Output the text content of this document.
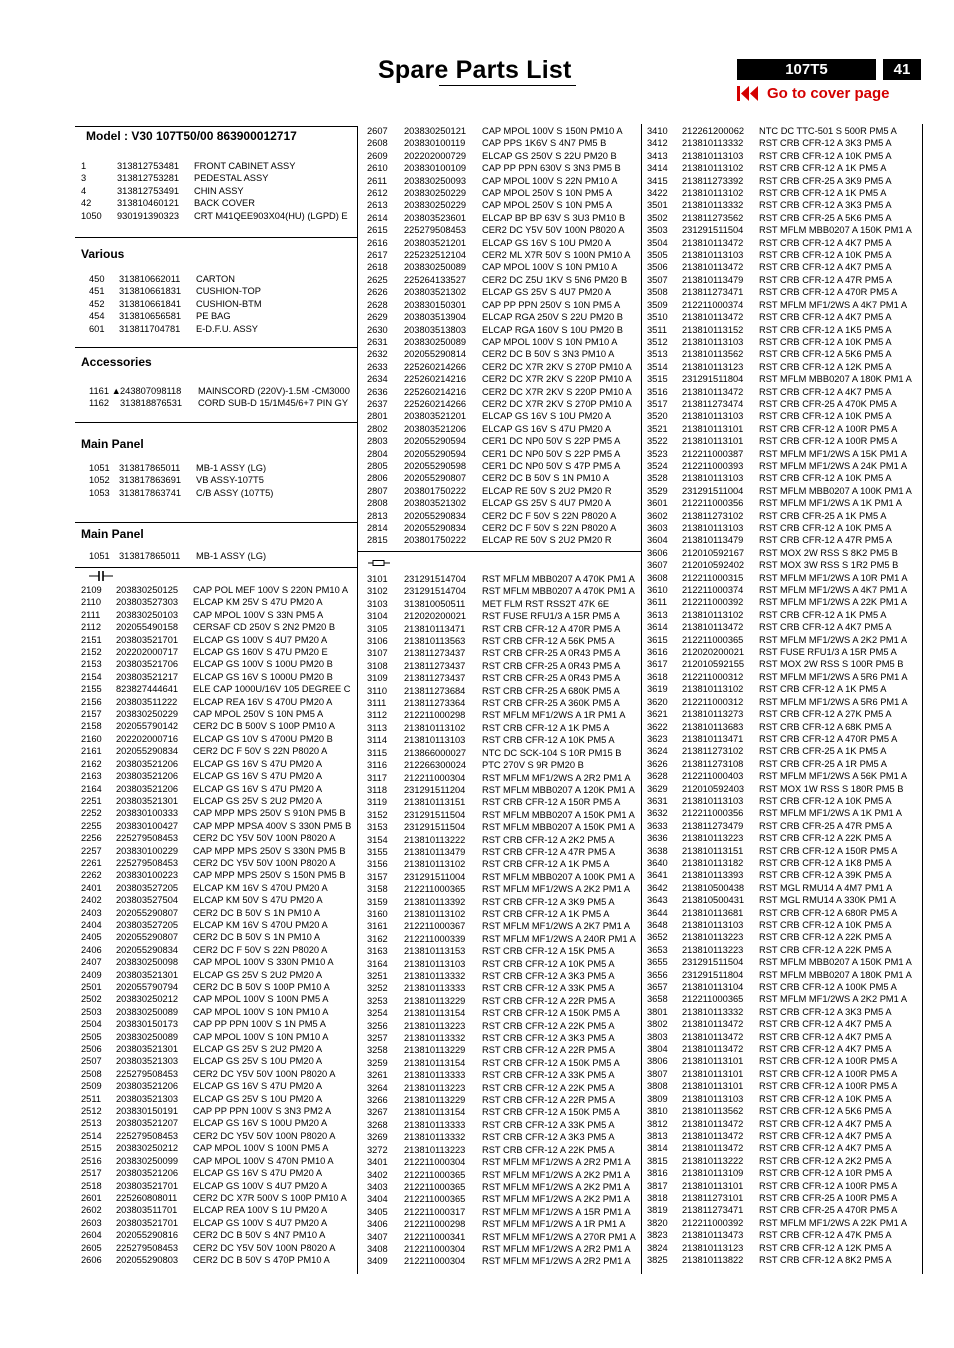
Spare Parts List	107T5	41
Go to cover page
Model : V30 107T50/00 863900012717
1	313812753481 FRONT CABINET ASSY
3	313812753281 PEDESTAL ASSY
4	313812753491 CHIN ASSY
42	313810460121 BACK COVER
1050 930191390323 CRT M41QEE903X04(HU) (LGPD) E
Various
450 313810662011 CARTON
451 313810661831 CUSHION-TOP
452 313810661841 CUSHION-BTM
454 313810656581 PE BAG
601 313811704781 E-D.F.U. ASSY
Accessories
1161 ▲ 243807098118 MAINSCORD (220V)-1.5M -CM3000
1162 313818876531 CORD SUB-D 15/1M45/6+7 PIN GY
Main Panel
1051 313817865011 MB-1 ASSY (LG)
1052 313817863691 VB ASSY-107T5
1053 313817863741 C/B ASSY (107T5)
Main Panel
1051 313817865011 MB-1 ASSY (LG)
2109 203830250125 CAP POL MEF 100V S 220N PM10 A
2110 203803527303 ELCAP KM 25V S 47U PM20 A
2111 203830250103 CAP MPOL 100V S 33N PM5 A
2112 202055490158 CERSAF CD 250V S 2N2 PM20 B
2151 203803521701 ELCAP GS 100V S 4U7 PM20 A
2152 202202000717 ELCAP GS 160V S 47U PM20 E
2153 203803521706 ELCAP GS 100V S 100U PM20 B
2154 203803521217 ELCAP GS 16V S 1000U PM20 B
2155 823827444641 ELE CAP 1000U/16V 105 DEGREE C
2156 203803511222 ELCAP REA 16V S 470U PM20 A
2157 203830250229 CAP MPOL 250V S 10N PM5 A
2158 202055790142 CER2 DC B 500V S 100P PM10 A
2160 202202000716 ELCAP GS 10V S 4700U PM20 B
2161 202055290834 CER2 DC F 50V S 22N P8020 A
2162 203803521206 ELCAP GS 16V S 47U PM20 A
2163 203803521206 ELCAP GS 16V S 47U PM20 A
2164 203803521206 ELCAP GS 16V S 47U PM20 A
2251 203803521301 ELCAP GS 25V S 2U2 PM20 A
2252 203830100333 CAP MPP MPS 250V S 910N PM5 B
2255 203830100427 CAP MPP MPSA 400V S 330N PM5 B
2256 225279508453 CER2 DC Y5V 50V 100N P8020 A
2257 203830100229 CAP MPP MPS 250V S 330N PM5 B
2261 225279508453 CER2 DC Y5V 50V 100N P8020 A
2262 203830100223 CAP MPP MPS 250V S 150N PM5 B
2401 203803527205 ELCAP KM 16V S 470U PM20 A
2402 203803527504 ELCAP KM 50V S 47U PM20 A
2403 202055290807 CER2 DC B 50V S 1N PM10 A
2404 203803527205 ELCAP KM 16V S 470U PM20 A
2405 202055290807 CER2 DC B 50V S 1N PM10 A
2406 202055290834 CER2 DC F 50V S 22N P8020 A
2407 203830250098 CAP MPOL 100V S 330N PM10 A
2409 203803521301 ELCAP GS 25V S 2U2 PM20 A
2501 202055790794 CER2 DC B 50V S 100P PM10 A
2502 203830250212 CAP MPOL 100V S 100N PM5 A
2503 203830250089 CAP MPOL 100V S 10N PM10 A
2504 203830150173 CAP PP PPN 100V S 1N PM5 A
2505 203830250089 CAP MPOL 100V S 10N PM10 A
2506 203803521301 ELCAP GS 25V S 2U2 PM20 A
2507 203803521303 ELCAP GS 25V S 10U PM20 A
2508 225279508453 CER2 DC Y5V 50V 100N P8020 A
2509 203803521206 ELCAP GS 16V S 47U PM20 A
2511 203803521303 ELCAP GS 25V S 10U PM20 A
2512 203830150191 CAP PP PPN 100V S 3N3 PM2 A
2513 203803521207 ELCAP GS 16V S 100U PM20 A
2514 225279508453 CER2 DC Y5V 50V 100N P8020 A
2515 203830250212 CAP MPOL 100V S 100N PM5 A
2516 203830250099 CAP MPOL 100V S 470N PM10 A
2517 203803521206 ELCAP GS 16V S 47U PM20 A
2518 203803521701 ELCAP GS 100V S 4U7 PM20 A
2601 225260808011 CER2 DC X7R 500V S 100P PM10 A
2602 203803511701 ELCAP REA 100V S 1U PM20 A
2603 203803521701 ELCAP GS 100V S 4U7 PM20 A
2604 202055290816 CER2 DC B 50V S 4N7 PM10 A
2605 225279508453 CER2 DC Y5V 50V 100N P8020 A
2606 202055290803 CER2 DC B 50V S 470P PM10 A
2607 203830250121 CAP MPOL 100V S 150N PM10 A
2608 203830100119 CAP PPS 1K6V S 4N7 PM5 B
2609 202202000729 ELCAP GS 250V S 22U PM20 B
2610 203830100109 CAP PP PPN 630V S 3N3 PM5 B
2611 203830250093 CAP MPOL 100V S 22N PM10 A
2612 203830250229 CAP MPOL 250V S 10N PM5 A
2613 203830250229 CAP MPOL 250V S 10N PM5 A
2614 203803523601 ELCAP BP BP 63V S 3U3 PM10 B
2615 225279508453 CER2 DC Y5V 50V 100N P8020 A
2616 203803521201 ELCAP GS 16V S 10U PM20 A
2617 225232512104 CER2 ML X7R 50V S 100N PM10 A
2618 203830250089 CAP MPOL 100V S 10N PM10 A
2625 225264133527 CER2 DC Z5U 1KV S 5N6 PM20 B
2626 203803521302 ELCAP GS 25V S 4U7 PM20 A
2628 203830150301 CAP PP PPN 250V S 10N PM5 A
2629 203803513904 ELCAP RGA 250V S 22U PM20 B
2630 203803513803 ELCAP RGA 160V S 10U PM20 B
2631 203830250089 CAP MPOL 100V S 10N PM10 A
2632 202055290814 CER2 DC B 50V S 3N3 PM10 A
2633 225260214266 CER2 DC X7R 2KV S 270P PM10 A
2634 225260214216 CER2 DC X7R 2KV S 220P PM10 A
2636 225260214216 CER2 DC X7R 2KV S 220P PM10 A
2637 225260214266 CER2 DC X7R 2KV S 270P PM10 A
2801 203803521201 ELCAP GS 16V S 10U PM20 A
2802 203803521206 ELCAP GS 16V S 47U PM20 A
2803 202055290594 CER1 DC NP0 50V S 22P PM5 A
2804 202055290594 CER1 DC NP0 50V S 22P PM5 A
2805 202055290598 CER1 DC NP0 50V S 47P PM5 A
2806 202055290807 CER2 DC B 50V S 1N PM10 A
2807 203801750222 ELCAP RE 50V S 2U2 PM20 R
2808 203803521302 ELCAP GS 25V S 4U7 PM20 A
2813 202055290834 CER2 DC F 50V S 22N P8020 A
2814 202055290834 CER2 DC F 50V S 22N P8020 A
2815 203801750222 ELCAP RE 50V S 2U2 PM20 R
3101 231291514704 RST MFLM MBB0207 A 470K PM1 A
3102 231291514704 RST MFLM MBB0207 A 470K PM1 A
3103 313810050511 MET FLM RST RSS2T 47K 6E
3104 212020200021 RST FUSE RFU1/3 A 15R PM5 A
3105 213810113471 RST CRB CFR-12 A 470R PM5 A
3106 213810113563 RST CRB CFR-12 A 56K PM5 A
3107 213811273437 RST CRB CFR-25 A 0R43 PM5 A
3108 213811273437 RST CRB CFR-25 A 0R43 PM5 A
3109 213811273437 RST CRB CFR-25 A 0R43 PM5 A
3110 213811273684 RST CRB CFR-25 A 680K PM5 A
3111 213811273364 RST CRB CFR-25 A 360K PM5 A
3112 212211000298 RST MFLM MF1/2WS A 1R PM1 A
3113 213810113102 RST CRB CFR-12 A 1K PM5 A
3114 213810113103 RST CRB CFR-12 A 10K PM5 A
3115 213866000027 NTC DC SCK-104 S 10R PM15 B
3116 212266300024 PTC 270V S 9R PM20 B
3117 212211000304 RST MFLM MF1/2WS A 2R2 PM1 A
3118 231291511204 RST MFLM MBB0207 A 120K PM1 A
3119 213810113151 RST CRB CFR-12 A 150R PM5 A
3152 231291511504 RST MFLM MBB0207 A 150K PM1 A
3153 231291511504 RST MFLM MBB0207 A 150K PM1 A
3154 213810113222 RST CRB CFR-12 A 2K2 PM5 A
3155 213810113479 RST CRB CFR-12 A 47R PM5 A
3156 213810113102 RST CRB CFR-12 A 1K PM5 A
3157 231291511004 RST MFLM MBB0207 A 100K PM1 A
3158 212211000365 RST MFLM MF1/2WS A 2K2 PM1 A
3159 213810113392 RST CRB CFR-12 A 3K9 PM5 A
3160 213810113102 RST CRB CFR-12 A 1K PM5 A
3161 212211000367 RST MFLM MF1/2WS A 2K7 PM1 A
3162 212211000339 RST MFLM MF1/2WS A 240R PM1 A
3163 213810113153 RST CRB CFR-12 A 15K PM5 A
3164 213810113103 RST CRB CFR-12 A 10K PM5 A
3251 213810113332 RST CRB CFR-12 A 3K3 PM5 A
3252 213810113333 RST CRB CFR-12 A 33K PM5 A
3253 213810113229 RST CRB CFR-12 A 22R PM5 A
3254 213810113154 RST CRB CFR-12 A 150K PM5 A
3256 213810113223 RST CRB CFR-12 A 22K PM5 A
3257 213810113332 RST CRB CFR-12 A 3K3 PM5 A
3258 213810113229 RST CRB CFR-12 A 22R PM5 A
3259 213810113154 RST CRB CFR-12 A 150K PM5 A
3261 213810113333 RST CRB CFR-12 A 33K PM5 A
3264 213810113223 RST CRB CFR-12 A 22K PM5 A
3266 213810113229 RST CRB CFR-12 A 22R PM5 A
3267 213810113154 RST CRB CFR-12 A 150K PM5 A
3268 213810113333 RST CRB CFR-12 A 33K PM5 A
3269 213810113332 RST CRB CFR-12 A 3K3 PM5 A
3272 213810113223 RST CRB CFR-12 A 22K PM5 A
3401 212211000304 RST MFLM MF1/2WS A 2R2 PM1 A
3402 212211000365 RST MFLM MF1/2WS A 2K2 PM1 A
3403 212211000365 RST MFLM MF1/2WS A 2K2 PM1 A
3404 212211000365 RST MFLM MF1/2WS A 2K2 PM1 A
3405 212211000317 RST MFLM MF1/2WS A 15R PM1 A
3406 212211000298 RST MFLM MF1/2WS A 1R PM1 A
3407 212211000341 RST MFLM MF1/2WS A 270R PM1 A
3408 212211000304 RST MFLM MF1/2WS A 2R2 PM1 A
3409 212211000304 RST MFLM MF1/2WS A 2R2 PM1 A
3410 212261200062 NTC DC TTC-501 S 500R PM5 A
3412 213810113332 RST CRB CFR-12 A 3K3 PM5 A
3413 213810113103 RST CRB CFR-12 A 10K PM5 A
3414 213810113102 RST CRB CFR-12 A 1K PM5 A
3415 213811273392 RST CRB CFR-25 A 3K9 PM5 A
3422 213810113102 RST CRB CFR-12 A 1K PM5 A
3501 213810113332 RST CRB CFR-12 A 3K3 PM5 A
3502 213811273562 RST CRB CFR-25 A 5K6 PM5 A
3503 231291511504 RST MFLM MBB0207 A 150K PM1 A
3504 213810113472 RST CRB CFR-12 A 4K7 PM5 A
3505 213810113103 RST CRB CFR-12 A 10K PM5 A
3506 213810113472 RST CRB CFR-12 A 4K7 PM5 A
3507 213810113479 RST CRB CFR-12 A 47R PM5 A
3508 213811273471 RST CRB CFR-12 A 470R PM5 A
3509 212211000374 RST MFLM MF1/2WS A 4K7 PM1 A
3510 213810113472 RST CRB CFR-12 A 4K7 PM5 A
3511 213810113152 RST CRB CFR-12 A 1K5 PM5 A
3512 213810113103 RST CRB CFR-12 A 10K PM5 A
3513 213810113562 RST CRB CFR-12 A 5K6 PM5 A
3514 213810113123 RST CRB CFR-12 A 12K PM5 A
3515 231291511804 RST MFLM MBB0207 A 180K PM1 A
3516 213810113472 RST CRB CFR-12 A 4K7 PM5 A
3517 213811273474 RST CRB CFR-25 A 470K PM5 A
3520 213810113103 RST CRB CFR-12 A 10K PM5 A
3521 213810113101 RST CRB CFR-12 A 100R PM5 A
3522 213810113101 RST CRB CFR-12 A 100R PM5 A
3523 212211000387 RST MFLM MF1/2WS A 15K PM1 A
3524 212211000393 RST MFLM MF1/2WS A 24K PM1 A
3528 213810113103 RST CRB CFR-12 A 10K PM5 A
3529 231291511004 RST MFLM MBB0207 A 100K PM1 A
3601 212211000356 RST MFLM MF1/2WS A 1K PM1 A
3602 213811273102 RST CRB CFR-25 A 1K PM5 A
3603 213810113103 RST CRB CFR-12 A 10K PM5 A
3604 213810113479 RST CRB CFR-12 A 47R PM5 A
3606 212010592167 RST MOX 2W RSS S 8K2 PM5 B
3607 212010592402 RST MOX 3W RSS S 1R2 PM5 B
3608 212211000315 RST MFLM MF1/2WS A 10R PM1 A
3610 212211000374 RST MFLM MF1/2WS A 4K7 PM1 A
3611 212211000392 RST MFLM MF1/2WS A 22K PM1 A
3613 213810113102 RST CRB CFR-12 A 1K PM5 A
3614 213810113472 RST CRB CFR-12 A 4K7 PM5 A
3615 212211000365 RST MFLM MF1/2WS A 2K2 PM1 A
3616 212020200021 RST FUSE RFU1/3 A 15R PM5 A
3617 212010592155 RST MOX 2W RSS S 100R PM5 B
3618 212211000312 RST MFLM MF1/2WS A 5R6 PM1 A
3619 213810113102 RST CRB CFR-12 A 1K PM5 A
3620 212211000312 RST MFLM MF1/2WS A 5R6 PM1 A
3621 213810113273 RST CRB CFR-12 A 27K PM5 A
3622 213810113683 RST CRB CFR-12 A 68K PM5 A
3623 213810113471 RST CRB CFR-12 A 470R PM5 A
3624 213811273102 RST CRB CFR-25 A 1K PM5 A
3626 213811273108 RST CRB CFR-25 A 1R PM5 A
3628 212211000403 RST MFLM MF1/2WS A 56K PM1 A
3629 212010592403 RST MOX 1W RSS S 180R PM5 B
3631 213810113103 RST CRB CFR-12 A 10K PM5 A
3632 212211000356 RST MFLM MF1/2WS A 1K PM1 A
3633 213811273479 RST CRB CFR-25 A 47R PM5 A
3636 213810113223 RST CRB CFR-12 A 22K PM5 A
3638 213810113151 RST CRB CFR-12 A 150R PM5 A
3640 213810113182 RST CRB CFR-12 A 1K8 PM5 A
3641 213810113393 RST CRB CFR-12 A 39K PM5 A
3642 213810500438 RST MGL RMU14 A 4M7 PM1 A
3643 213810500431 RST MGL RMU14 A 330K PM1 A
3644 213810113681 RST CRB CFR-12 A 680R PM5 A
3648 213810113103 RST CRB CFR-12 A 10K PM5 A
3652 213810113223 RST CRB CFR-12 A 22K PM5 A
3653 213810113223 RST CRB CFR-12 A 22K PM5 A
3655 231291511504 RST MFLM MBB0207 A 150K PM1 A
3656 231291511804 RST MFLM MBB0207 A 180K PM1 A
3657 213810113104 RST CRB CFR-12 A 100K PM5 A
3658 212211000365 RST MFLM MF1/2WS A 2K2 PM1 A
3801 213810113332 RST CRB CFR-12 A 3K3 PM5 A
3802 213810113472 RST CRB CFR-12 A 4K7 PM5 A
3803 213810113472 RST CRB CFR-12 A 4K7 PM5 A
3804 213810113472 RST CRB CFR-12 A 4K7 PM5 A
3806 213810113101 RST CRB CFR-12 A 100R PM5 A
3807 213810113101 RST CRB CFR-12 A 100R PM5 A
3808 213810113101 RST CRB CFR-12 A 100R PM5 A
3809 213810113103 RST CRB CFR-12 A 10K PM5 A
3810 213810113562 RST CRB CFR-12 A 5K6 PM5 A
3812 213810113472 RST CRB CFR-12 A 4K7 PM5 A
3813 213810113472 RST CRB CFR-12 A 4K7 PM5 A
3814 213810113472 RST CRB CFR-12 A 4K7 PM5 A
3815 213810113222 RST CRB CFR-12 A 2K2 PM5 A
3816 213810113109 RST CRB CFR-12 A 10R PM5 A
3817 213810113101 RST CRB CFR-12 A 100R PM5 A
3818 213811273101 RST CRB CFR-25 A 100R PM5 A
3819 213811273471 RST CRB CFR-25 A 470R PM5 A
3820 212211000392 RST MFLM MF1/2WS A 22K PM1 A
3823 213810113473 RST CRB CFR-12 A 47K PM5 A
3824 213810113123 RST CRB CFR-12 A 12K PM5 A
3825 213810113822 RST CRB CFR-12 A 8K2 PM5 A
